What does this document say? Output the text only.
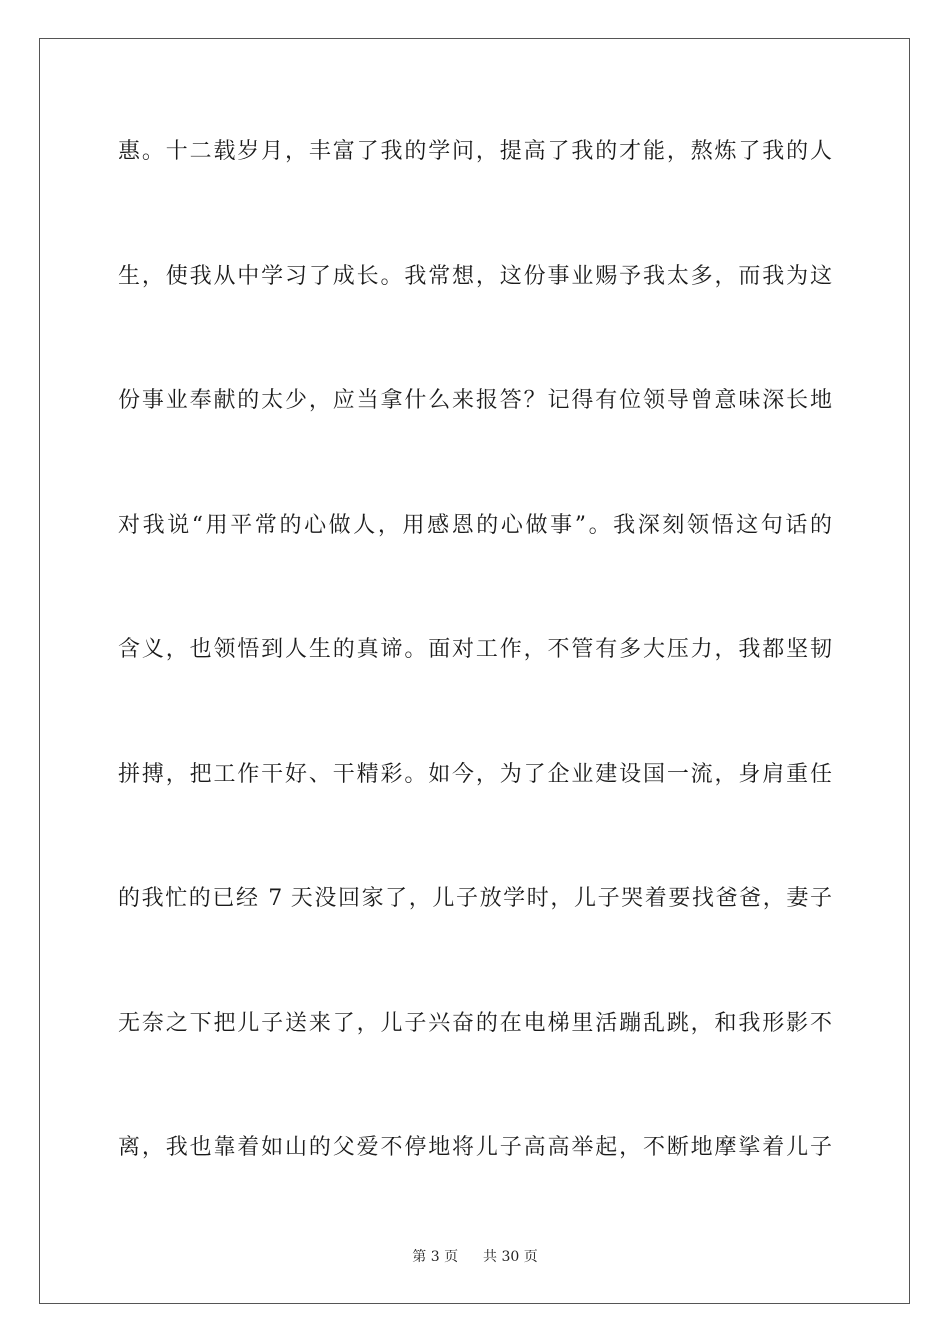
惠。十二载岁月，丰富了我的学问，提高了我的才能，熬炼了我的人
生，使我从中学习了成长。我常想，这份事业赐予我太多，而我为这
份事业奉献的太少，应当拿什么来报答？记得有位领导曾意味深长地
对我说“用平常的心做人，用感恩的心做事”。我深刻领悟这句话的
含义，也领悟到人生的真谛。面对工作，不管有多大压力，我都坚韧
拼搏，把工作干好、干精彩。如今，为了企业建设国一流，身肩重任
的我忙的已经 7 天没回家了，儿子放学时，儿子哭着要找爸爸，妻子
无奈之下把儿子送来了，儿子兴奋的在电梯里活蹦乱跳，和我形影不
离，我也靠着如山的父爱不停地将儿子高高举起，不断地摩挲着儿子
第 3 页 共 30 页
